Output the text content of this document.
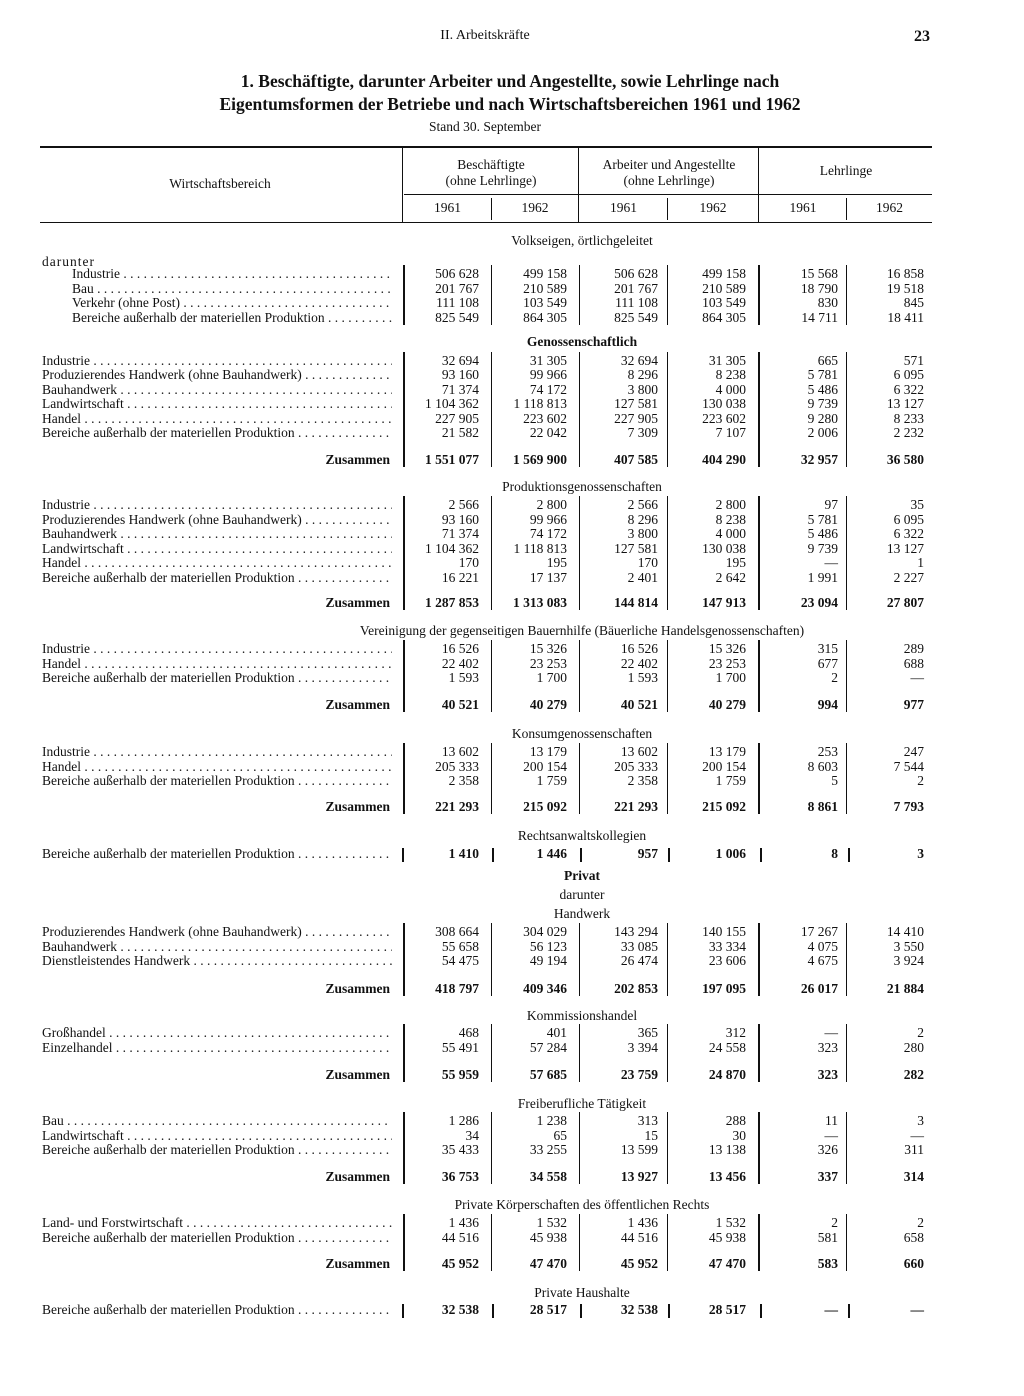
II. Arbeitskräfte	23
1. Beschäftigte, darunter Arbeiter und Angestellte, sowie Lehrlinge nach
Eigentumsformen der Betriebe und nach Wirtschaftsbereichen 1961 und 1962
Stand 30. September
Wirtschaftsbereich
Beschäftigte
(ohne Lehrlinge)
Arbeiter und Angestellte
(ohne Lehrlinge)
Lehrlinge
1961	1962	1961	1962	1961	1962
Volkseigen, örtlichgeleitet
darunter
Industrie . . .	506 628	499 158	506 628	499 158	15 568	16 858
Bau . . .	201 767	210 589	201 767	210 589	18 790	19 518
Verkehr (ohne Post) . . .	111 108	103 549	111 108	103 549	830	845
Bereiche außerhalb der materiellen Produktion . . .	825 549	864 305	825 549	864 305	14 711	18 411
Genossenschaftlich
Industrie . . .	32 694	31 305	32 694	31 305	665	571
Produzierendes Handwerk (ohne Bauhandwerk) . . .	93 160	99 966	8 296	8 238	5 781	6 095
Bauhandwerk . . .	71 374	74 172	3 800	4 000	5 486	6 322
Landwirtschaft . . .	1 104 362	1 118 813	127 581	130 038	9 739	13 127
Handel . . .	227 905	223 602	227 905	223 602	9 280	8 233
Bereiche außerhalb der materiellen Produktion . . .	21 582	22 042	7 309	7 107	2 006	2 232
Zusammen	1 551 077	1 569 900	407 585	404 290	32 957	36 580
Produktionsgenossenschaften
Industrie . . .	2 566	2 800	2 566	2 800	97	35
Produzierendes Handwerk (ohne Bauhandwerk) . . .	93 160	99 966	8 296	8 238	5 781	6 095
Bauhandwerk . . .	71 374	74 172	3 800	4 000	5 486	6 322
Landwirtschaft . . .	1 104 362	1 118 813	127 581	130 038	9 739	13 127
Handel . . .	170	195	170	195	—	1
Bereiche außerhalb der materiellen Produktion . . .	16 221	17 137	2 401	2 642	1 991	2 227
Zusammen	1 287 853	1 313 083	144 814	147 913	23 094	27 807
Vereinigung der gegenseitigen Bauernhilfe (Bäuerliche Handelsgenossenschaften)
Industrie . . .	16 526	15 326	16 526	15 326	315	289
Handel . . .	22 402	23 253	22 402	23 253	677	688
Bereiche außerhalb der materiellen Produktion . . .	1 593	1 700	1 593	1 700	2	—
Zusammen	40 521	40 279	40 521	40 279	994	977
Konsumgenossenschaften
Industrie . . .	13 602	13 179	13 602	13 179	253	247
Handel . . .	205 333	200 154	205 333	200 154	8 603	7 544
Bereiche außerhalb der materiellen Produktion . . .	2 358	1 759	2 358	1 759	5	2
Zusammen	221 293	215 092	221 293	215 092	8 861	7 793
Rechtsanwaltskollegien
Bereiche außerhalb der materiellen Produktion . . .	1 410	1 446	957	1 006	8	3
Privat
darunter
Handwerk
Produzierendes Handwerk (ohne Bauhandwerk) . . .	308 664	304 029	143 294	140 155	17 267	14 410
Bauhandwerk . . .	55 658	56 123	33 085	33 334	4 075	3 550
Dienstleistendes Handwerk . . .	54 475	49 194	26 474	23 606	4 675	3 924
Zusammen	418 797	409 346	202 853	197 095	26 017	21 884
Kommissionshandel
Großhandel . . .	468	401	365	312	—	2
Einzelhandel . . .	55 491	57 284	3 394	24 558	323	280
Zusammen	55 959	57 685	23 759	24 870	323	282
Freiberufliche Tätigkeit
Bau . . .	1 286	1 238	313	288	11	3
Landwirtschaft . . .	34	65	15	30	—	—
Bereiche außerhalb der materiellen Produktion . . .	35 433	33 255	13 599	13 138	326	311
Zusammen	36 753	34 558	13 927	13 456	337	314
Private Körperschaften des öffentlichen Rechts
Land- und Forstwirtschaft . . .	1 436	1 532	1 436	1 532	2	2
Bereiche außerhalb der materiellen Produktion . . .	44 516	45 938	44 516	45 938	581	658
Zusammen	45 952	47 470	45 952	47 470	583	660
Private Haushalte
Bereiche außerhalb der materiellen Produktion . . .	32 538	28 517	32 538	28 517	—	—
